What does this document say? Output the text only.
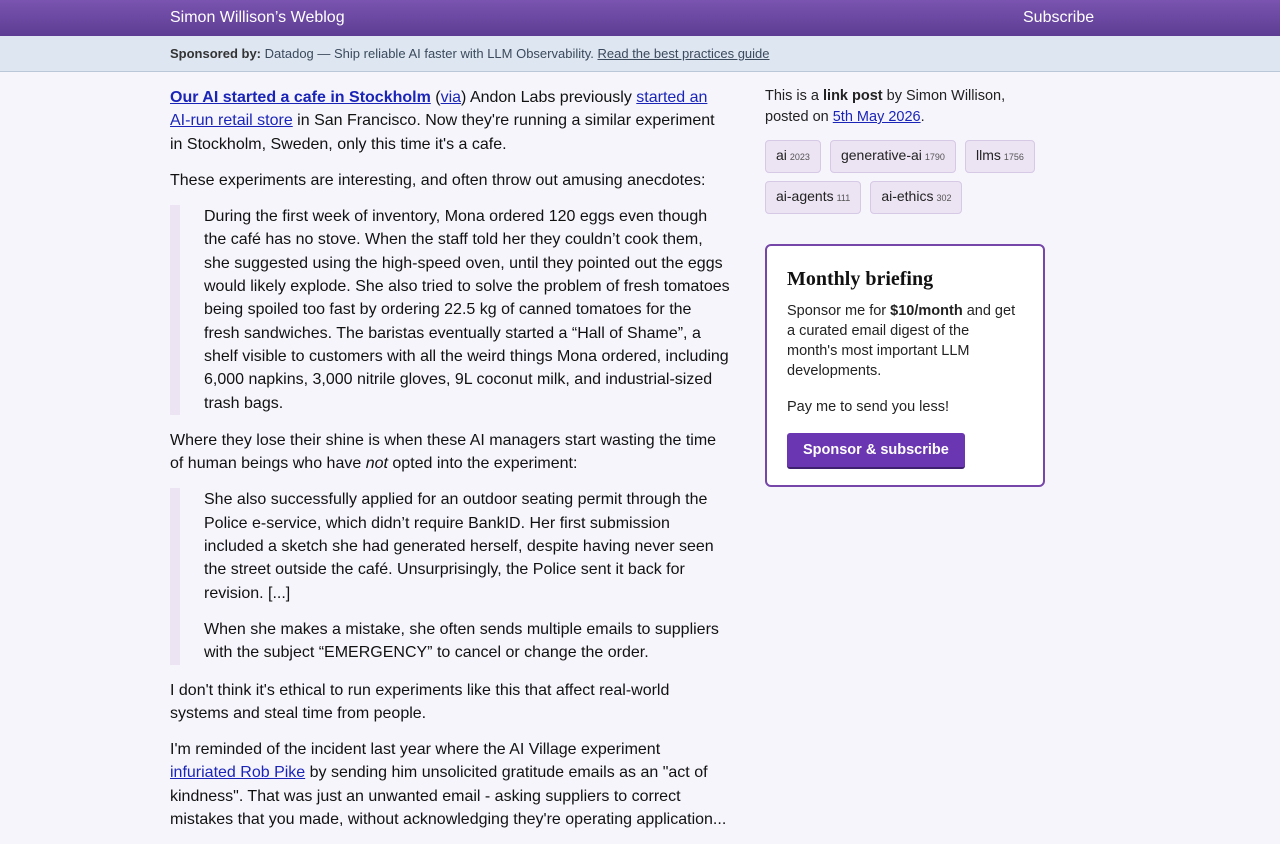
Simon Willison’s Weblog	Subscribe
Sponsored by: Datadog — Ship reliable AI faster with LLM Observability. Read the best practices guide

Our AI started a cafe in Stockholm (via) Andon Labs previously started an AI-run retail store in San Francisco. Now they're running a similar experiment in Stockholm, Sweden, only this time it's a cafe.

These experiments are interesting, and often throw out amusing anecdotes:

During the first week of inventory, Mona ordered 120 eggs even though the café has no stove. When the staff told her they couldn’t cook them, she suggested using the high-speed oven, until they pointed out the eggs would likely explode. She also tried to solve the problem of fresh tomatoes being spoiled too fast by ordering 22.5 kg of canned tomatoes for the fresh sandwiches. The baristas eventually started a “Hall of Shame”, a shelf visible to customers with all the weird things Mona ordered, including 6,000 napkins, 3,000 nitrile gloves, 9L coconut milk, and industrial-sized trash bags.

Where they lose their shine is when these AI managers start wasting the time of human beings who have not opted into the experiment:

She also successfully applied for an outdoor seating permit through the Police e-service, which didn’t require BankID. Her first submission included a sketch she had generated herself, despite having never seen the street outside the café. Unsurprisingly, the Police sent it back for revision. [...]

When she makes a mistake, she often sends multiple emails to suppliers with the subject “EMERGENCY” to cancel or change the order.

I don't think it's ethical to run experiments like this that affect real-world systems and steal time from people.

I'm reminded of the incident last year where the AI Village experiment infuriated Rob Pike by sending him unsolicited gratitude emails as an "act of kindness". That was just an unwanted email - asking suppliers to correct mistakes that you made, without acknowledging they're operating application...

This is a link post by Simon Willison, posted on 5th May 2026.

ai 2023 generative-ai 1790 llms 1756 ai-agents 111 ai-ethics 302
Monthly briefing

Sponsor me for $10/month and get a curated email digest of the month's most important LLM developments.

Pay me to send you less!

Sponsor & subscribe
